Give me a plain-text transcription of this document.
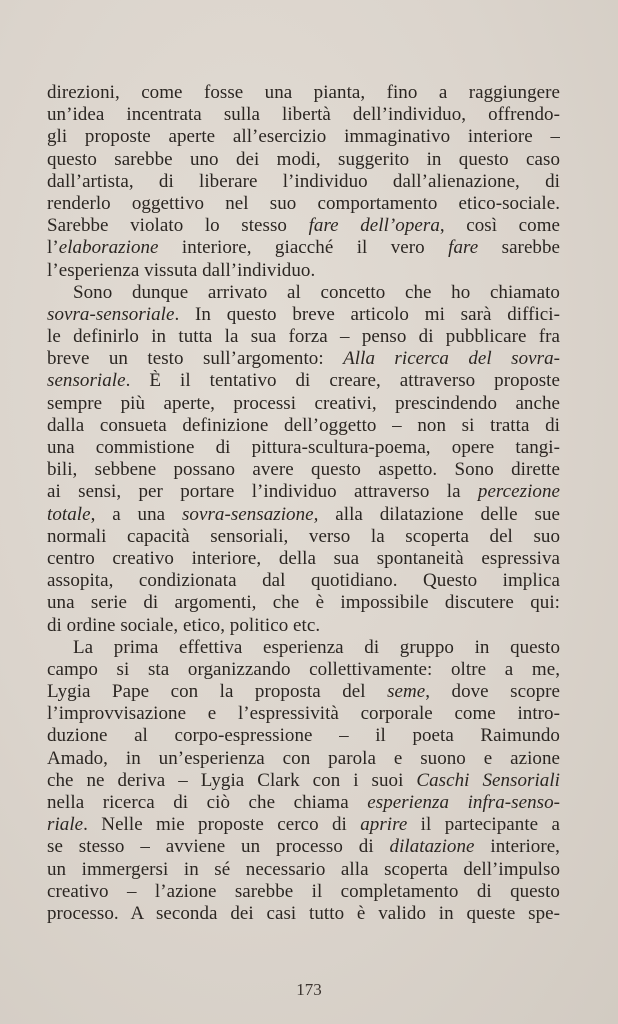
direzioni, come fosse una pianta, fino a raggiungere
un’idea incentrata sulla libertà dell’individuo, offrendo-
gli proposte aperte all’esercizio immaginativo interiore –
questo sarebbe uno dei modi, suggerito in questo caso
dall’artista, di liberare l’individuo dall’alienazione, di
renderlo oggettivo nel suo comportamento etico-sociale.
Sarebbe violato lo stesso fare dell’opera, così come
l’elaborazione interiore, giacché il vero fare sarebbe
l’esperienza vissuta dall’individuo.
Sono dunque arrivato al concetto che ho chiamato
sovra-sensoriale. In questo breve articolo mi sarà diffici-
le definirlo in tutta la sua forza – penso di pubblicare fra
breve un testo sull’argomento: Alla ricerca del sovra-
sensoriale. È il tentativo di creare, attraverso proposte
sempre più aperte, processi creativi, prescindendo anche
dalla consueta definizione dell’oggetto – non si tratta di
una commistione di pittura-scultura-poema, opere tangi-
bili, sebbene possano avere questo aspetto. Sono dirette
ai sensi, per portare l’individuo attraverso la percezione
totale, a una sovra-sensazione, alla dilatazione delle sue
normali capacità sensoriali, verso la scoperta del suo
centro creativo interiore, della sua spontaneità espressiva
assopita, condizionata dal quotidiano. Questo implica
una serie di argomenti, che è impossibile discutere qui:
di ordine sociale, etico, politico etc.
La prima effettiva esperienza di gruppo in questo
campo si sta organizzando collettivamente: oltre a me,
Lygia Pape con la proposta del seme, dove scopre
l’improvvisazione e l’espressività corporale come intro-
duzione al corpo-espressione – il poeta Raimundo
Amado, in un’esperienza con parola e suono e azione
che ne deriva – Lygia Clark con i suoi Caschi Sensoriali
nella ricerca di ciò che chiama esperienza infra-senso-
riale. Nelle mie proposte cerco di aprire il partecipante a
se stesso – avviene un processo di dilatazione interiore,
un immergersi in sé necessario alla scoperta dell’impulso
creativo – l’azione sarebbe il completamento di questo
processo. A seconda dei casi tutto è valido in queste spe-
173
